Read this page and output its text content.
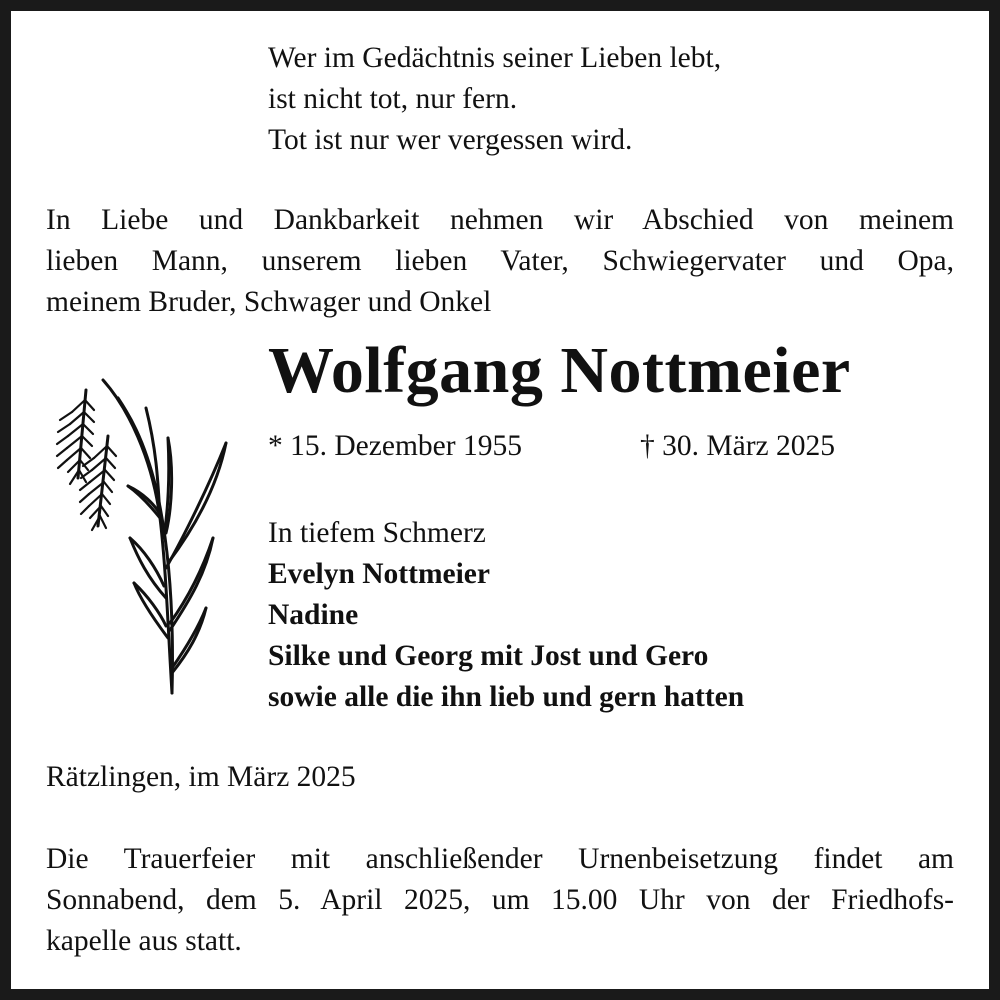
Wer im Gedächtnis seiner Lieben lebt,
ist nicht tot, nur fern.
Tot ist nur wer vergessen wird.
In Liebe und Dankbarkeit nehmen wir Abschied von meinem
lieben Mann, unserem lieben Vater, Schwiegervater und Opa,
meinem Bruder, Schwager und Onkel
Wolfgang Nottmeier
* 15. Dezember 1955	† 30. März 2025
In tiefem Schmerz
Evelyn Nottmeier
Nadine
Silke und Georg mit Jost und Gero
sowie alle die ihn lieb und gern hatten
Rätzlingen, im März 2025
Die Trauerfeier mit anschließender Urnenbeisetzung findet am
Sonnabend, dem 5. April 2025, um 15.00 Uhr von der Friedhofs-
kapelle aus statt.
